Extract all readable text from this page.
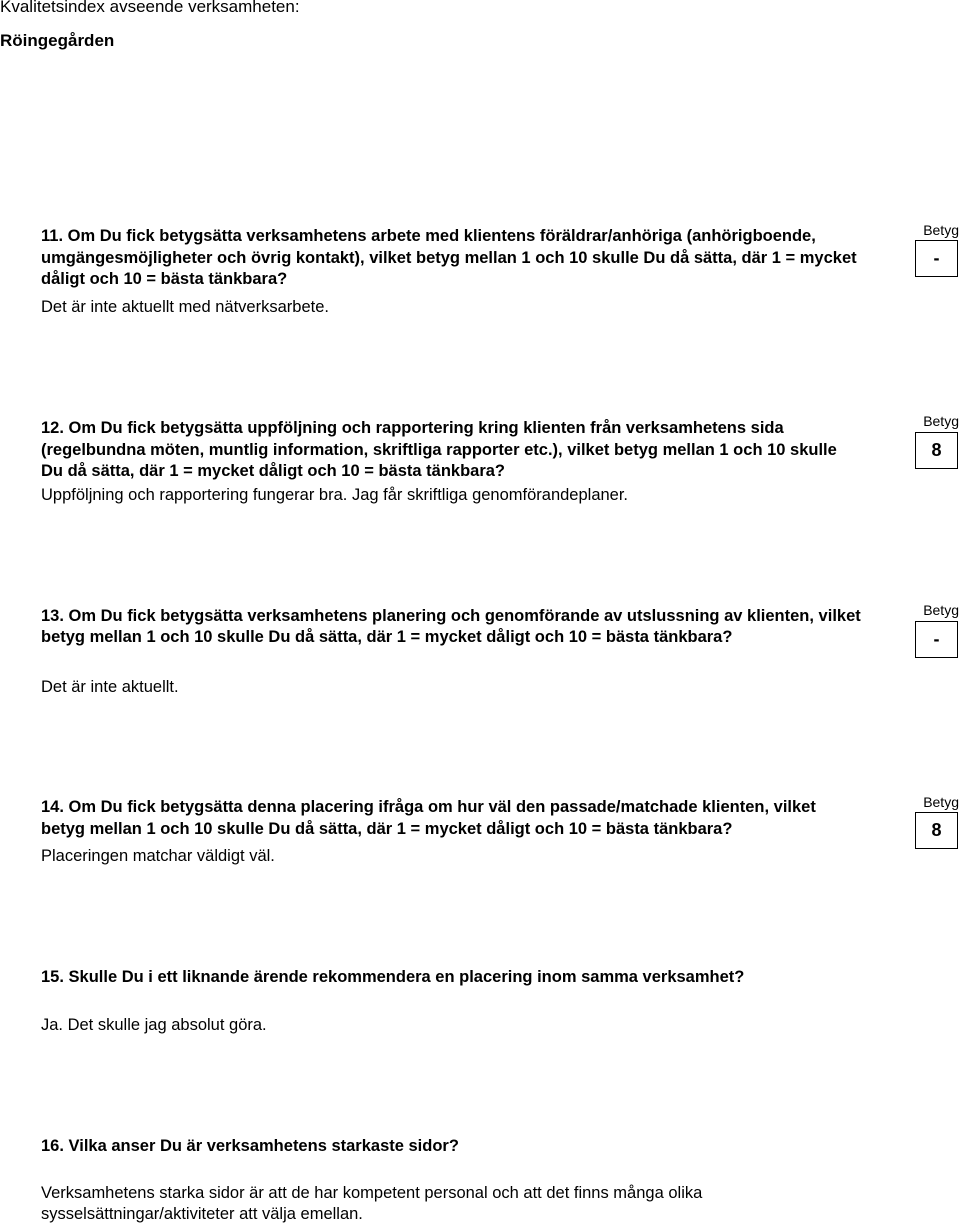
Kvalitetsindex avseende verksamheten:
Röingegården
11. Om Du fick betygsätta verksamhetens arbete med klientens föräldrar/anhöriga (anhörigboende,
umgängesmöjligheter och övrig kontakt), vilket betyg mellan 1 och 10 skulle Du då sätta, där 1 = mycket
dåligt och 10 = bästa tänkbara?
Det är inte aktuellt med nätverksarbete.
Betyg
-
12. Om Du fick betygsätta uppföljning och rapportering kring klienten från verksamhetens sida
(regelbundna möten, muntlig information, skriftliga rapporter etc.), vilket betyg mellan 1 och 10 skulle
Du då sätta, där 1 = mycket dåligt och 10 = bästa tänkbara?
Uppföljning och rapportering fungerar bra. Jag får skriftliga genomförandeplaner.
Betyg
8
13. Om Du fick betygsätta verksamhetens planering och genomförande av utslussning av klienten, vilket
betyg mellan 1 och 10 skulle Du då sätta, där 1 = mycket dåligt och 10 = bästa tänkbara?
Det är inte aktuellt.
Betyg
-
14. Om Du fick betygsätta denna placering ifråga om hur väl den passade/matchade klienten, vilket
betyg mellan 1 och 10 skulle Du då sätta, där 1 = mycket dåligt och 10 = bästa tänkbara?
Placeringen matchar väldigt väl.
Betyg
8
15. Skulle Du i ett liknande ärende rekommendera en placering inom samma verksamhet?
Ja. Det skulle jag absolut göra.
16. Vilka anser Du är verksamhetens starkaste sidor?
Verksamhetens starka sidor är att de har kompetent personal och att det finns många olika
sysselsättningar/aktiviteter att välja emellan.
